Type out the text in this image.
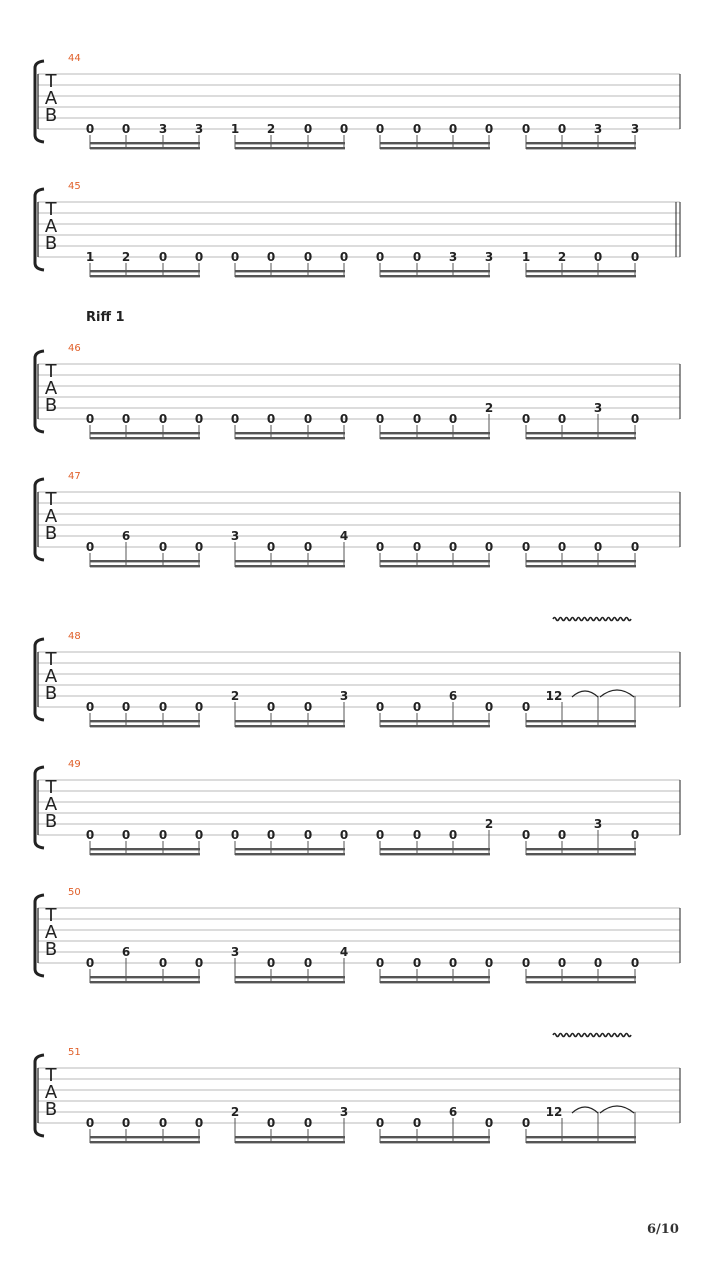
Riff 1
44
T
A
B
0 0 3 3 1 2 0 0 0 0 0 0 0 0 3 3
45
T
A
B
1 2 0 0 0 0 0 0 0 0 3 3 1 2 0 0
46
T
A
B
0 0 0 0 0 0 0 0 0 0 0
2
0 0
3
0
47
T
A
B
0
6
0 0
3
0 0
4
0 0 0 0 0 0 0 0
48
T
A
B
0 0 0 0
2
0 0
3
0 0
6
0 0
12
49
T
A
B
0 0 0 0 0 0 0 0 0 0 0
2
0 0
3
0
50
T
A
B
0
6
0 0
3
0 0
4
0 0 0 0 0 0 0 0
51
T
A
B
0 0 0 0
2
0 0
3
0 0
6
0 0
12
6/10
